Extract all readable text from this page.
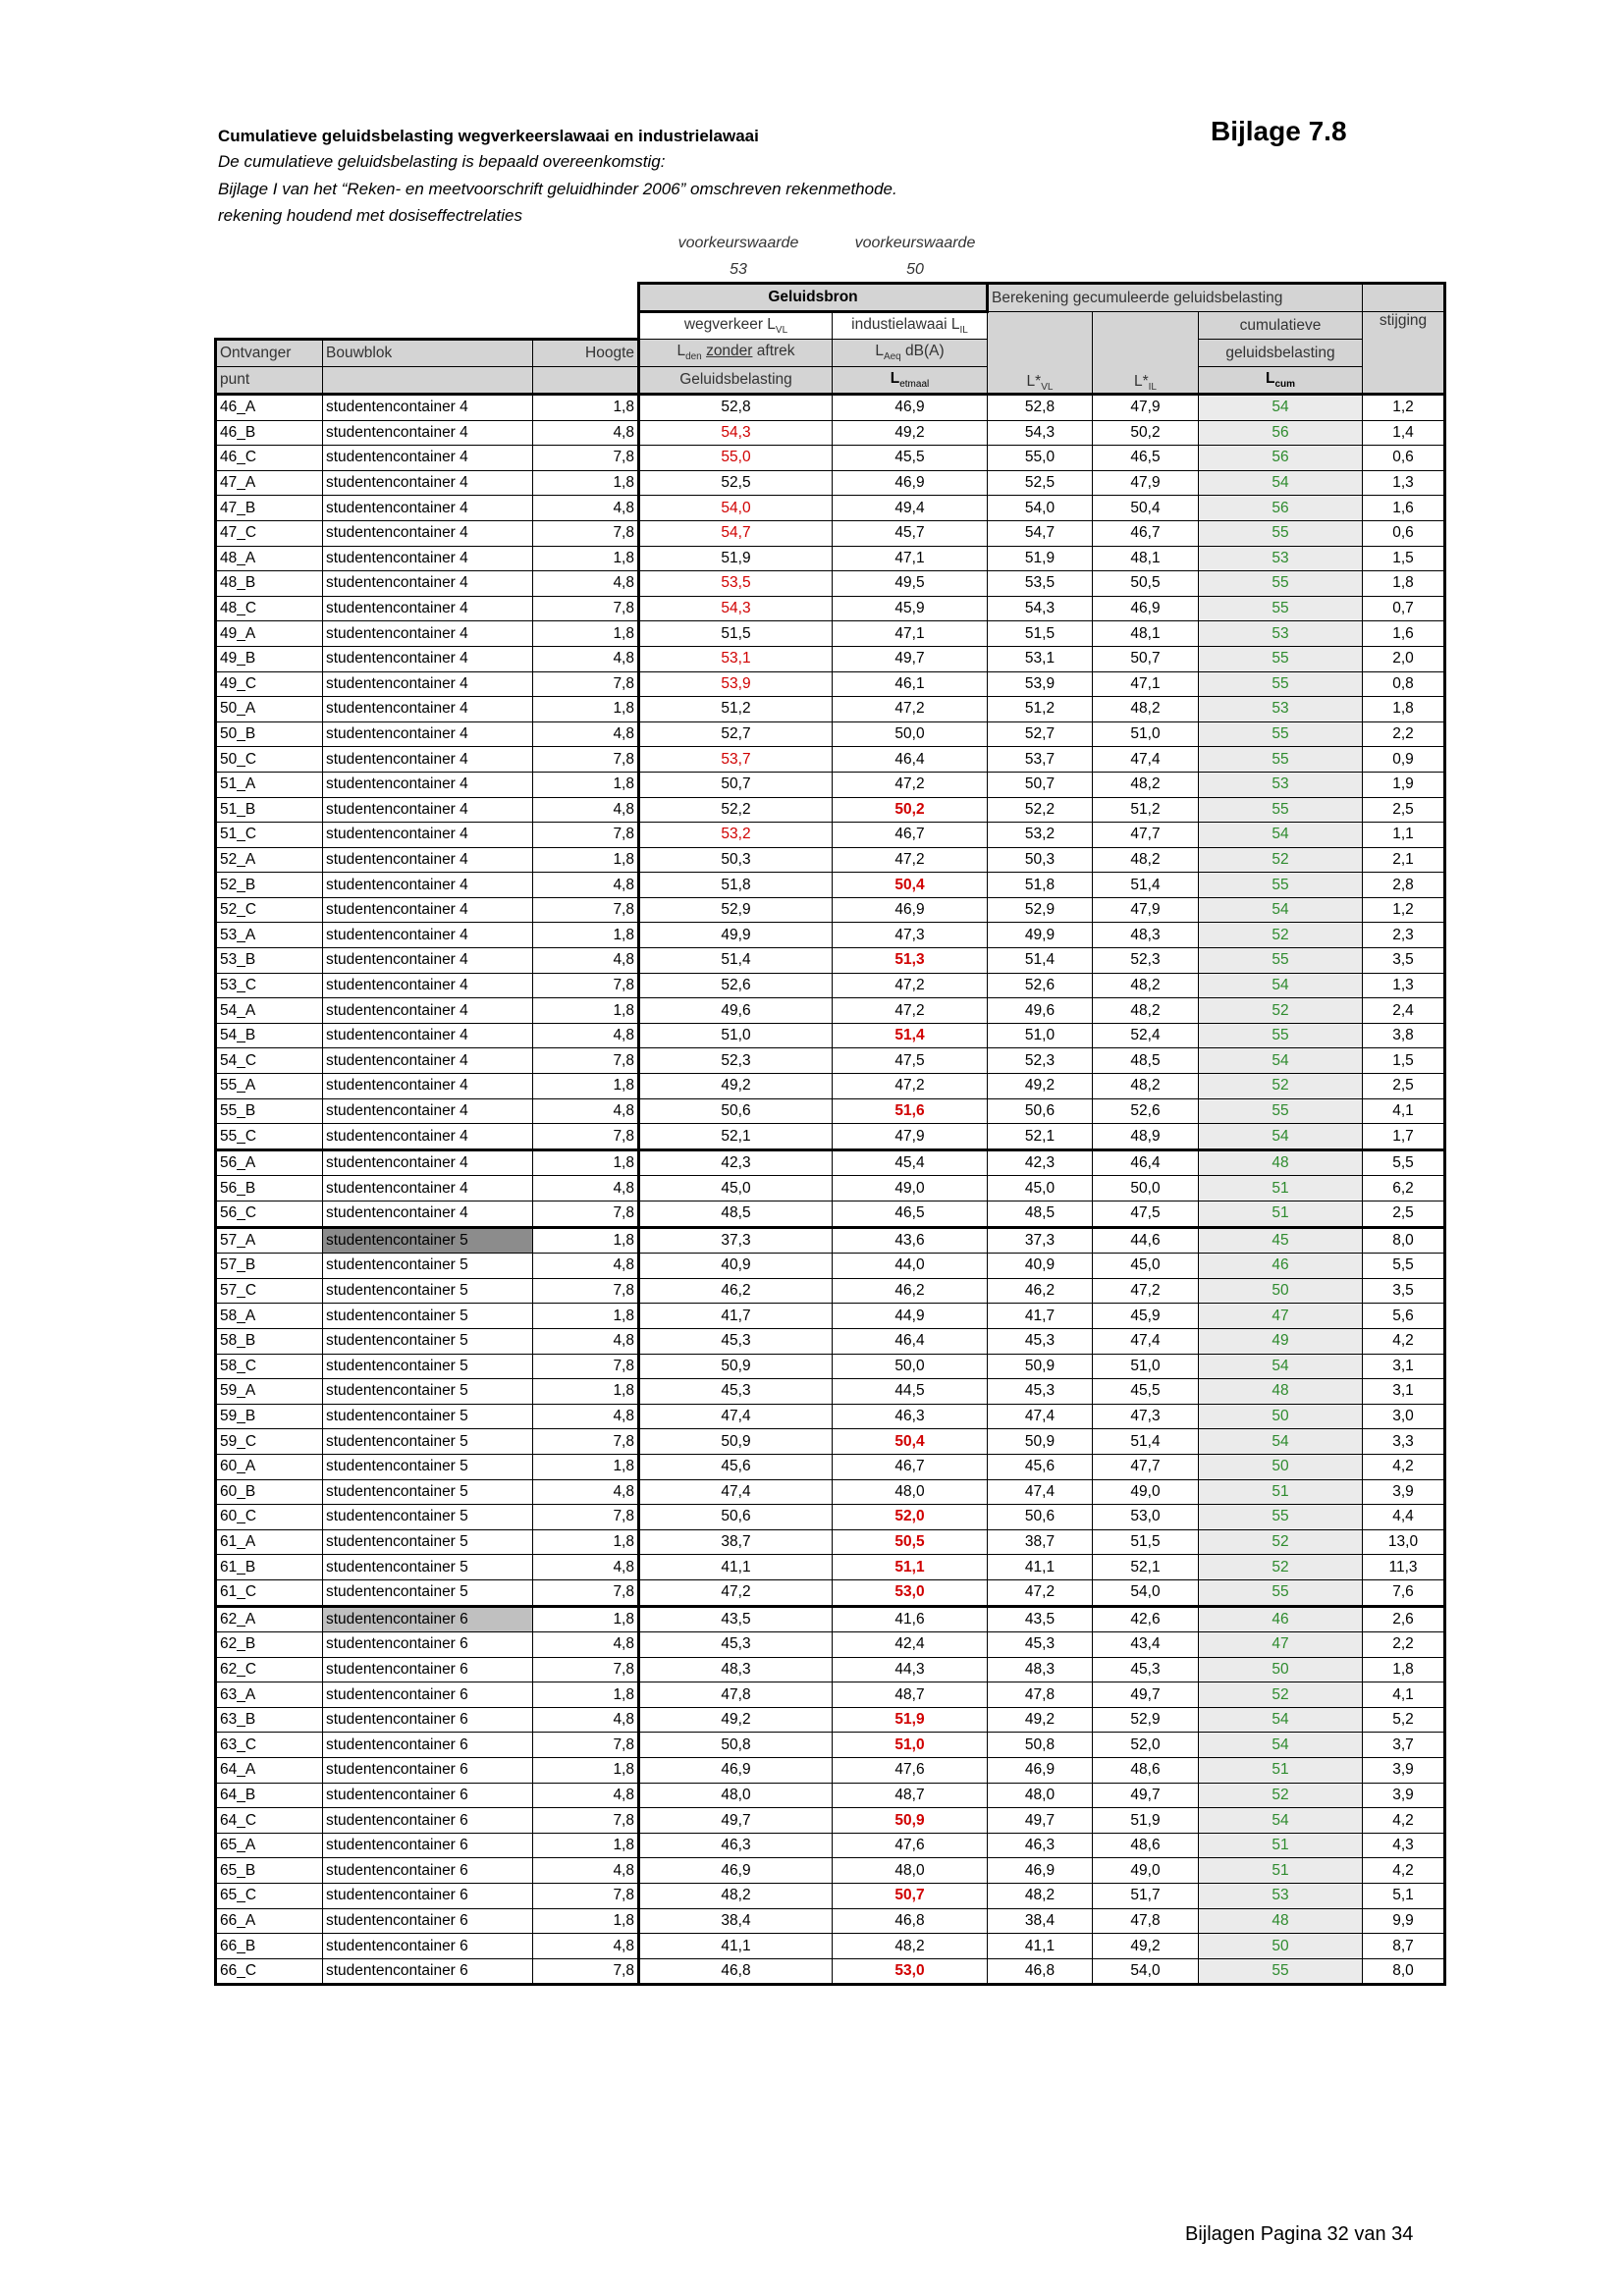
Cumulatieve geluidsbelasting wegverkeerslawaai en industrielawaai	Bijlage 7.8
De cumulatieve geluidsbelasting is bepaald overeenkomstig:
Bijlage I van het “Reken- en meetvoorschrift geluidhinder 2006” omschreven rekenmethode.
rekening houdend met dosiseffectrelaties
voorkeurswaarde
53
voorkeurswaarde
50
			Geluidsbron		Berekening gecumuleerde geluidsbelasting			
			wegverkeer $L_{VL}$	industielawaai $L_{IL}$	$L*_{VL}$	$L*_{IL}$	cumulatieve	stijging
Ontvanger	Bouwblok	Hoogte	$L_{den}$ zonder aftrek	$L_{Aeq}$ dB(A)			geluidsbelasting	
punt			Geluidsbelasting	$L_{etmaal}$			$L_{cum}$
46_A	studentencontainer 4	1,8	52,8	46,9	52,8	47,9	54	1,2
46_B	studentencontainer 4	4,8	54,3	49,2	54,3	50,2	56	1,4
46_C	studentencontainer 4	7,8	55,0	45,5	55,0	46,5	56	0,6
47_A	studentencontainer 4	1,8	52,5	46,9	52,5	47,9	54	1,3
47_B	studentencontainer 4	4,8	54,0	49,4	54,0	50,4	56	1,6
47_C	studentencontainer 4	7,8	54,7	45,7	54,7	46,7	55	0,6
48_A	studentencontainer 4	1,8	51,9	47,1	51,9	48,1	53	1,5
48_B	studentencontainer 4	4,8	53,5	49,5	53,5	50,5	55	1,8
48_C	studentencontainer 4	7,8	54,3	45,9	54,3	46,9	55	0,7
49_A	studentencontainer 4	1,8	51,5	47,1	51,5	48,1	53	1,6
49_B	studentencontainer 4	4,8	53,1	49,7	53,1	50,7	55	2,0
49_C	studentencontainer 4	7,8	53,9	46,1	53,9	47,1	55	0,8
50_A	studentencontainer 4	1,8	51,2	47,2	51,2	48,2	53	1,8
50_B	studentencontainer 4	4,8	52,7	50,0	52,7	51,0	55	2,2
50_C	studentencontainer 4	7,8	53,7	46,4	53,7	47,4	55	0,9
51_A	studentencontainer 4	1,8	50,7	47,2	50,7	48,2	53	1,9
51_B	studentencontainer 4	4,8	52,2	50,2	52,2	51,2	55	2,5
51_C	studentencontainer 4	7,8	53,2	46,7	53,2	47,7	54	1,1
52_A	studentencontainer 4	1,8	50,3	47,2	50,3	48,2	52	2,1
52_B	studentencontainer 4	4,8	51,8	50,4	51,8	51,4	55	2,8
52_C	studentencontainer 4	7,8	52,9	46,9	52,9	47,9	54	1,2
53_A	studentencontainer 4	1,8	49,9	47,3	49,9	48,3	52	2,3
53_B	studentencontainer 4	4,8	51,4	51,3	51,4	52,3	55	3,5
53_C	studentencontainer 4	7,8	52,6	47,2	52,6	48,2	54	1,3
54_A	studentencontainer 4	1,8	49,6	47,2	49,6	48,2	52	2,4
54_B	studentencontainer 4	4,8	51,0	51,4	51,0	52,4	55	3,8
54_C	studentencontainer 4	7,8	52,3	47,5	52,3	48,5	54	1,5
55_A	studentencontainer 4	1,8	49,2	47,2	49,2	48,2	52	2,5
55_B	studentencontainer 4	4,8	50,6	51,6	50,6	52,6	55	4,1
55_C	studentencontainer 4	7,8	52,1	47,9	52,1	48,9	54	1,7
56_A	studentencontainer 4	1,8	42,3	45,4	42,3	46,4	48	5,5
56_B	studentencontainer 4	4,8	45,0	49,0	45,0	50,0	51	6,2
56_C	studentencontainer 4	7,8	48,5	46,5	48,5	47,5	51	2,5
57_A	studentencontainer 5	1,8	37,3	43,6	37,3	44,6	45	8,0
57_B	studentencontainer 5	4,8	40,9	44,0	40,9	45,0	46	5,5
57_C	studentencontainer 5	7,8	46,2	46,2	46,2	47,2	50	3,5
58_A	studentencontainer 5	1,8	41,7	44,9	41,7	45,9	47	5,6
58_B	studentencontainer 5	4,8	45,3	46,4	45,3	47,4	49	4,2
58_C	studentencontainer 5	7,8	50,9	50,0	50,9	51,0	54	3,1
59_A	studentencontainer 5	1,8	45,3	44,5	45,3	45,5	48	3,1
59_B	studentencontainer 5	4,8	47,4	46,3	47,4	47,3	50	3,0
59_C	studentencontainer 5	7,8	50,9	50,4	50,9	51,4	54	3,3
60_A	studentencontainer 5	1,8	45,6	46,7	45,6	47,7	50	4,2
60_B	studentencontainer 5	4,8	47,4	48,0	47,4	49,0	51	3,9
60_C	studentencontainer 5	7,8	50,6	52,0	50,6	53,0	55	4,4
61_A	studentencontainer 5	1,8	38,7	50,5	38,7	51,5	52	13,0
61_B	studentencontainer 5	4,8	41,1	51,1	41,1	52,1	52	11,3
61_C	studentencontainer 5	7,8	47,2	53,0	47,2	54,0	55	7,6
62_A	studentencontainer 6	1,8	43,5	41,6	43,5	42,6	46	2,6
62_B	studentencontainer 6	4,8	45,3	42,4	45,3	43,4	47	2,2
62_C	studentencontainer 6	7,8	48,3	44,3	48,3	45,3	50	1,8
63_A	studentencontainer 6	1,8	47,8	48,7	47,8	49,7	52	4,1
63_B	studentencontainer 6	4,8	49,2	51,9	49,2	52,9	54	5,2
63_C	studentencontainer 6	7,8	50,8	51,0	50,8	52,0	54	3,7
64_A	studentencontainer 6	1,8	46,9	47,6	46,9	48,6	51	3,9
64_B	studentencontainer 6	4,8	48,0	48,7	48,0	49,7	52	3,9
64_C	studentencontainer 6	7,8	49,7	50,9	49,7	51,9	54	4,2
65_A	studentencontainer 6	1,8	46,3	47,6	46,3	48,6	51	4,3
65_B	studentencontainer 6	4,8	46,9	48,0	46,9	49,0	51	4,2
65_C	studentencontainer 6	7,8	48,2	50,7	48,2	51,7	53	5,1
66_A	studentencontainer 6	1,8	38,4	46,8	38,4	47,8	48	9,9
66_B	studentencontainer 6	4,8	41,1	48,2	41,1	49,2	50	8,7
66_C	studentencontainer 6	7,8	46,8	53,0	46,8	54,0	55	8,0
Bijlagen Pagina 32 van 34
